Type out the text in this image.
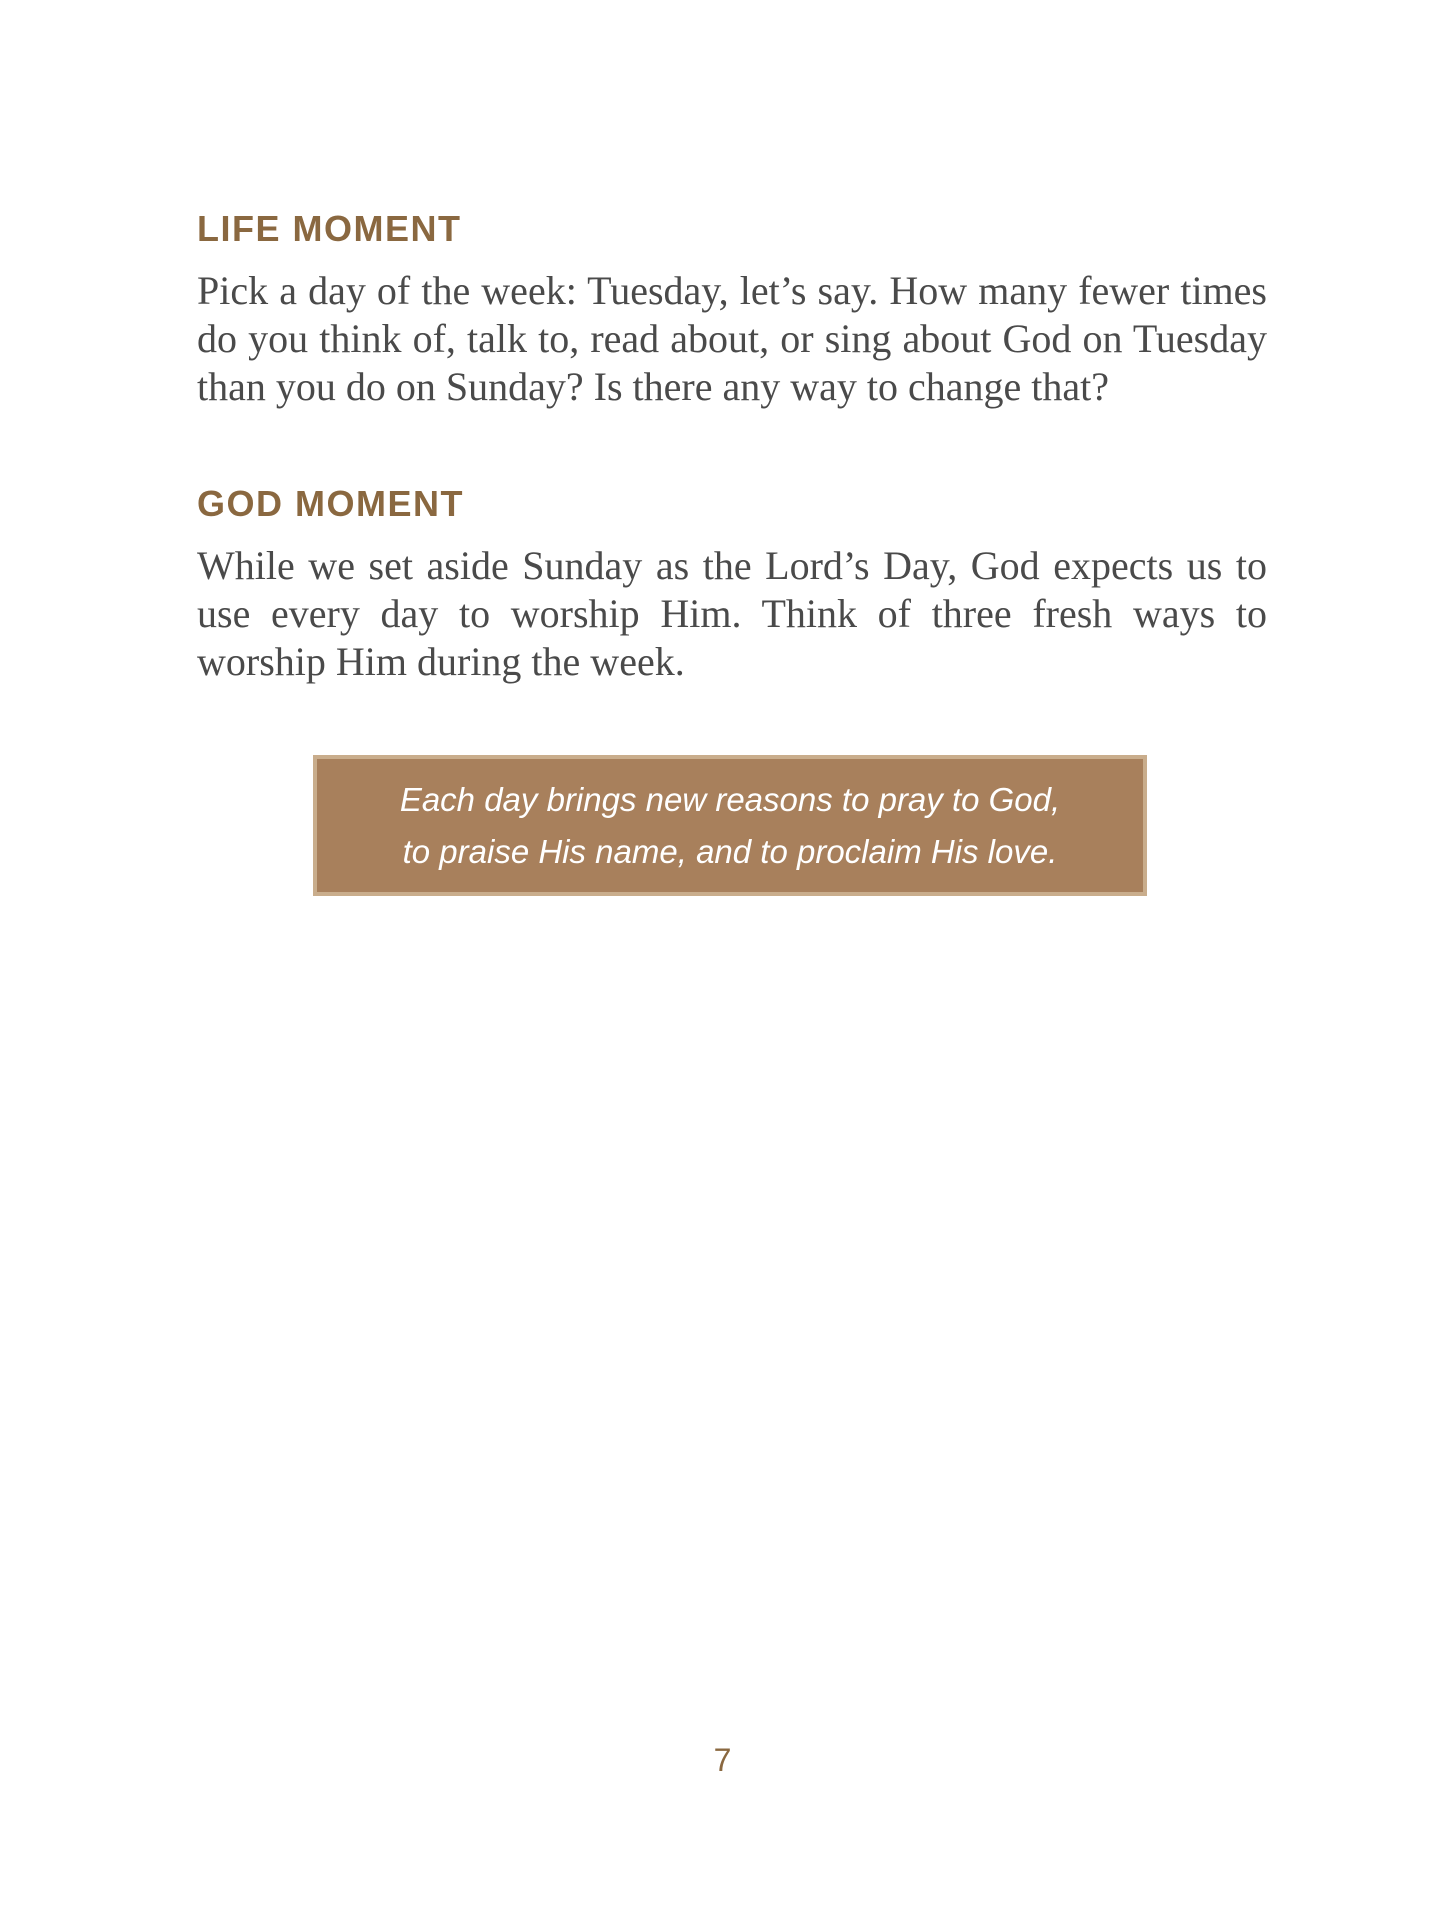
LIFE MOMENT

Pick a day of the week: Tuesday, let’s say. How many fewer times do you think of, talk to, read about, or sing about God on Tuesday than you do on Sunday? Is there any way to change that?

GOD MOMENT

While we set aside Sunday as the Lord’s Day, God expects us to use every day to worship Him. Think of three fresh ways to worship Him during the week.

Each day brings new reasons to pray to God,
to praise His name, and to proclaim His love.
7
